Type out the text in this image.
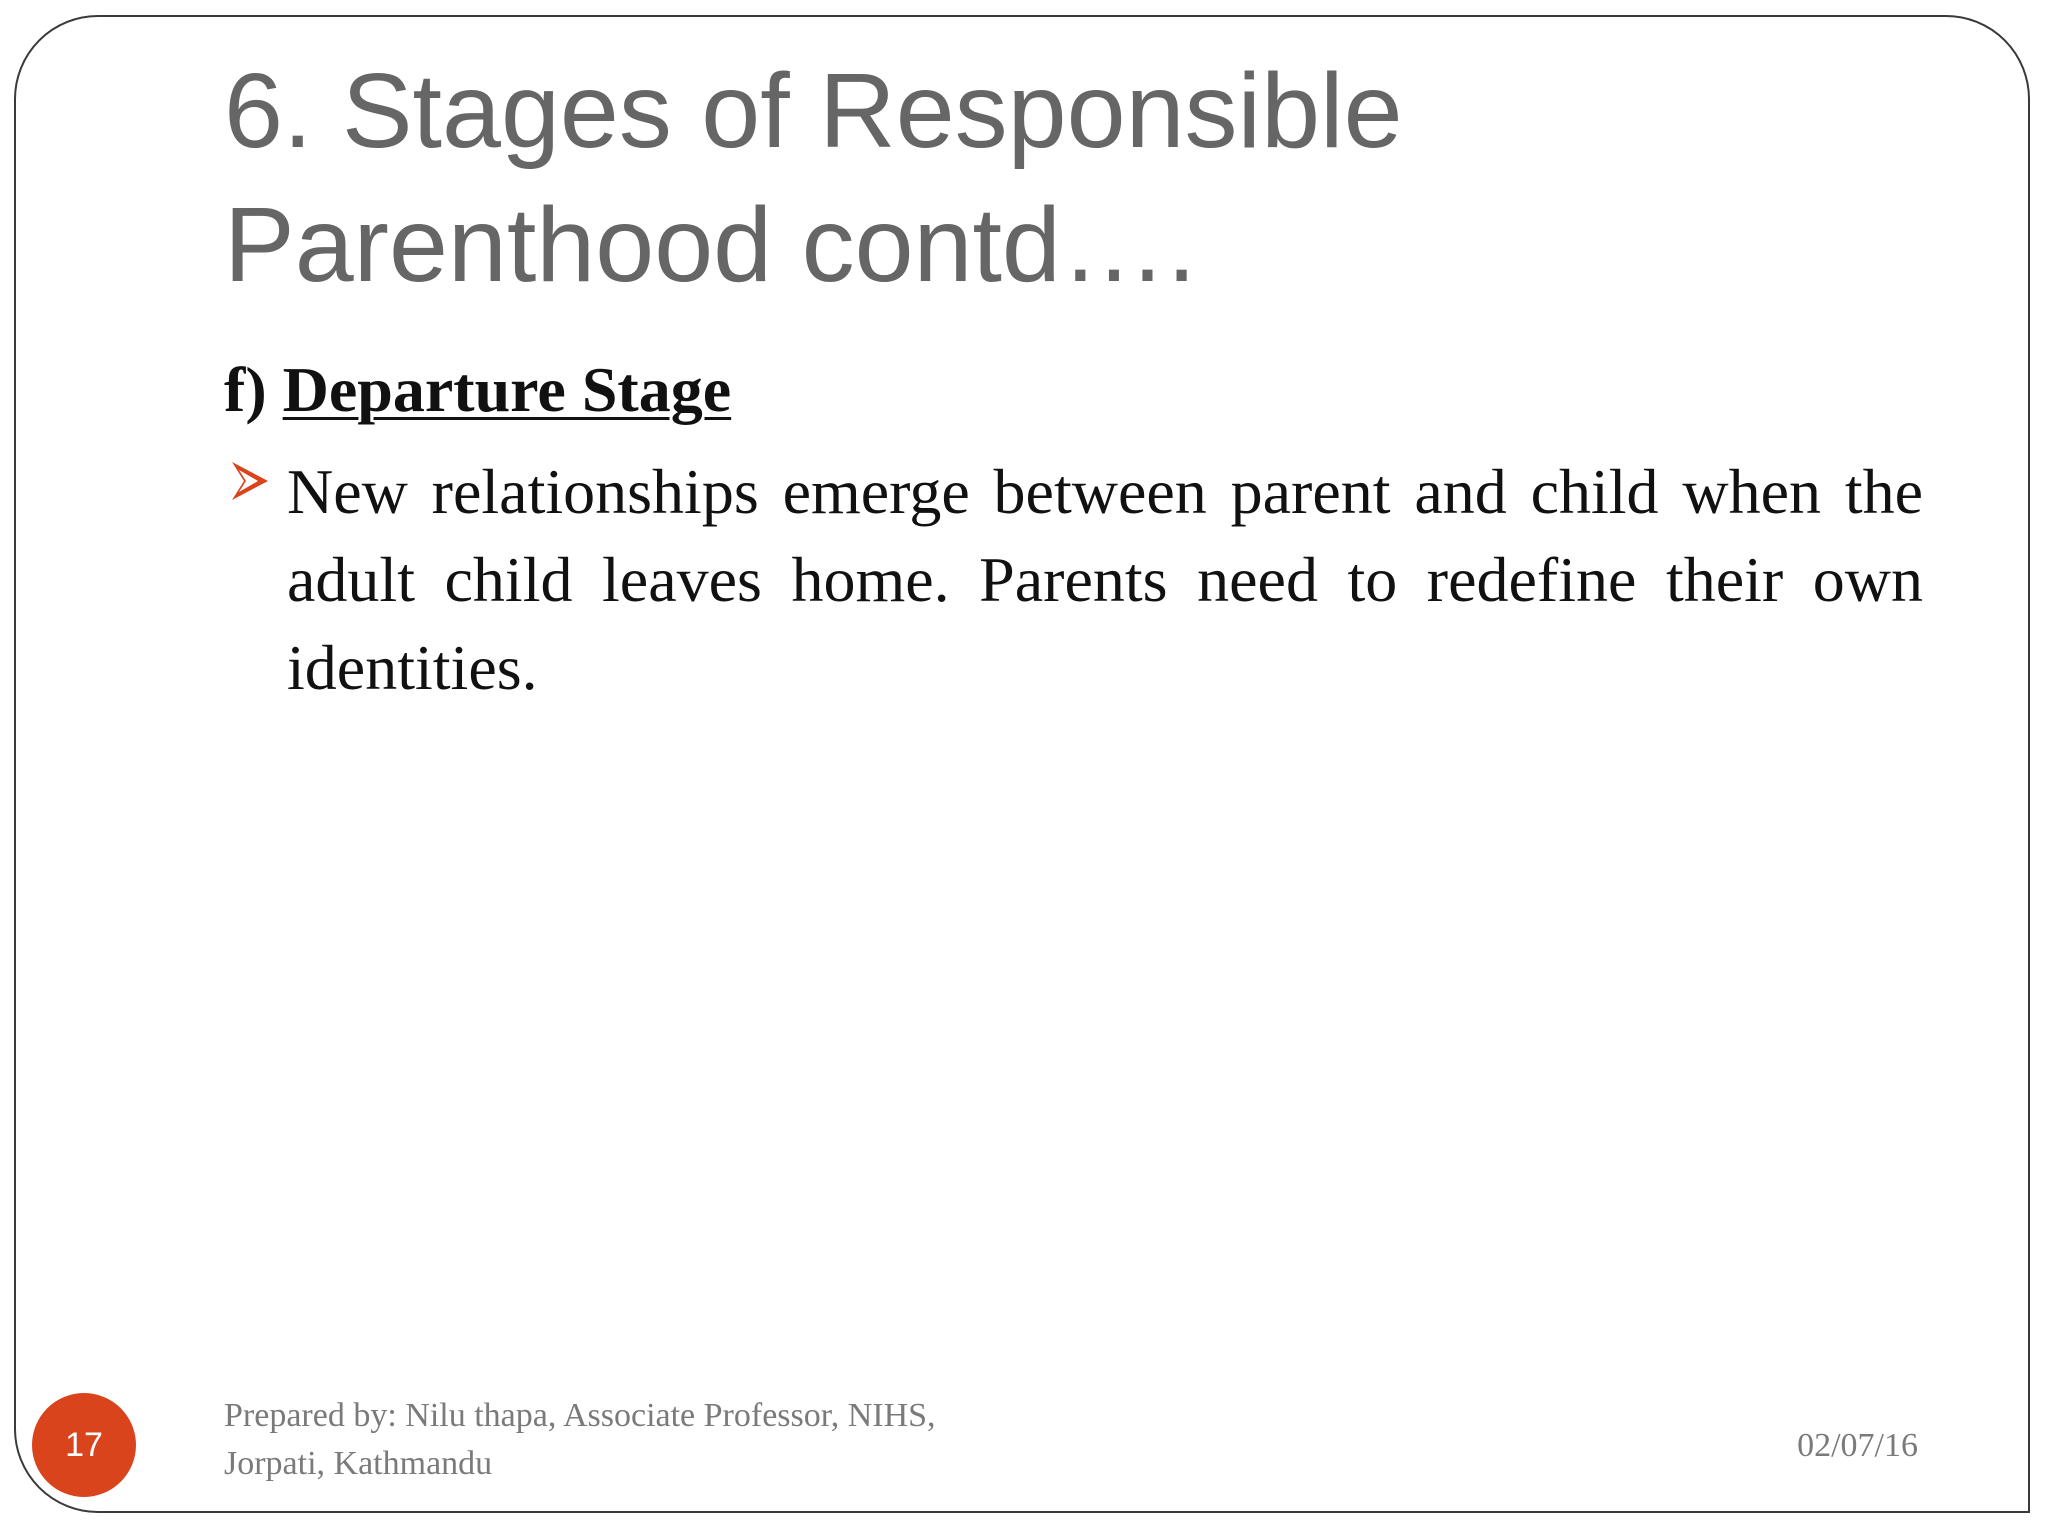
6. Stages of Responsible
Parenthood contd….
f) Departure Stage

New relationships emerge between parent and child when the adult child leaves home. Parents need to redefine their own identities.

17
Prepared by: Nilu thapa, Associate Professor, NIHS,
Jorpati, Kathmandu	02/07/16
